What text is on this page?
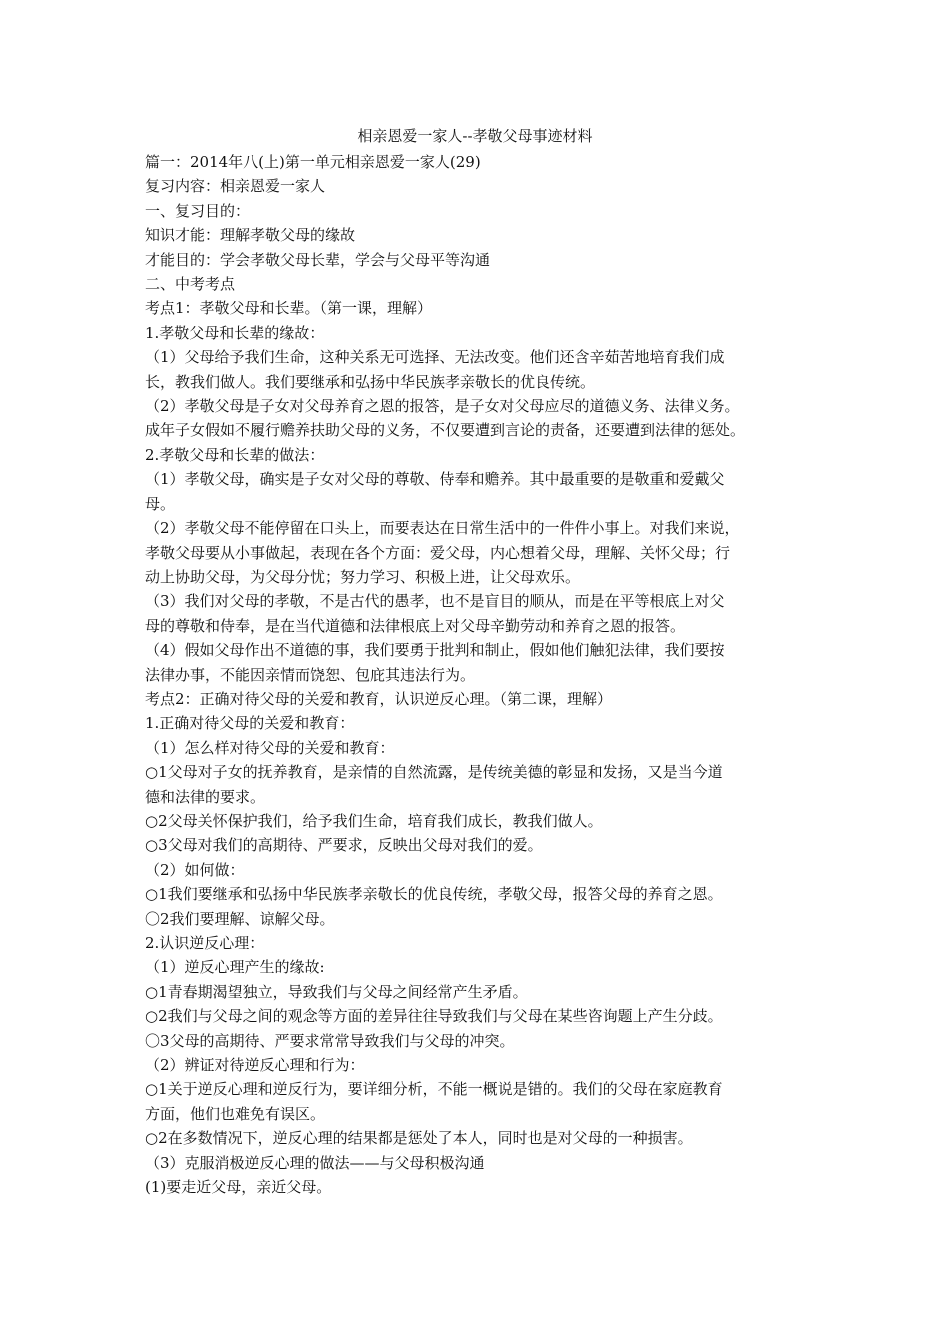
相亲恩爱一家人--孝敬父母事迹材料
篇一：2014年八(上)第一单元相亲恩爱一家人(29)
复习内容：相亲恩爱一家人
一、复习目的：
知识才能：理解孝敬父母的缘故
才能目的：学会孝敬父母长辈，学会与父母平等沟通
二、中考考点
考点1：孝敬父母和长辈。（第一课，理解）
1.孝敬父母和长辈的缘故：
（1）父母给予我们生命，这种关系无可选择、无法改变。他们还含辛茹苦地培育我们成
长，教我们做人。我们要继承和弘扬中华民族孝亲敬长的优良传统。
（2）孝敬父母是子女对父母养育之恩的报答，是子女对父母应尽的道德义务、法律义务。
成年子女假如不履行赡养扶助父母的义务，不仅要遭到言论的责备，还要遭到法律的惩处。
2.孝敬父母和长辈的做法：
（1）孝敬父母，确实是子女对父母的尊敬、侍奉和赡养。其中最重要的是敬重和爱戴父
母。
（2）孝敬父母不能停留在口头上，而要表达在日常生活中的一件件小事上。对我们来说，
孝敬父母要从小事做起，表现在各个方面：爱父母，内心想着父母，理解、关怀父母；行
动上协助父母，为父母分忧；努力学习、积极上进，让父母欢乐。
（3）我们对父母的孝敬，不是古代的愚孝，也不是盲目的顺从，而是在平等根底上对父
母的尊敬和侍奉，是在当代道德和法律根底上对父母辛勤劳动和养育之恩的报答。
（4）假如父母作出不道德的事，我们要勇于批判和制止，假如他们触犯法律，我们要按
法律办事，不能因亲情而饶恕、包庇其违法行为。
考点2：正确对待父母的关爱和教育，认识逆反心理。（第二课，理解）
1.正确对待父母的关爱和教育：
（1）怎么样对待父母的关爱和教育：
○1父母对子女的抚养教育，是亲情的自然流露，是传统美德的彰显和发扬，又是当今道
德和法律的要求。
○2父母关怀保护我们，给予我们生命，培育我们成长，教我们做人。
○3父母对我们的高期待、严要求，反映出父母对我们的爱。
（2）如何做：
○1我们要继承和弘扬中华民族孝亲敬长的优良传统，孝敬父母，报答父母的养育之恩。
〇2我们要理解、谅解父母。
2.认识逆反心理：
（1）逆反心理产生的缘故:
○1青春期渴望独立，导致我们与父母之间经常产生矛盾。
○2我们与父母之间的观念等方面的差异往往导致我们与父母在某些咨询题上产生分歧。
〇3父母的高期待、严要求常常导致我们与父母的冲突。
（2）辨证对待逆反心理和行为：
○1关于逆反心理和逆反行为，要详细分析，不能一概说是错的。我们的父母在家庭教育
方面，他们也难免有误区。
○2在多数情况下，逆反心理的结果都是惩处了本人，同时也是对父母的一种损害。
（3）克服消极逆反心理的做法——与父母积极沟通
(1)要走近父母，亲近父母。
